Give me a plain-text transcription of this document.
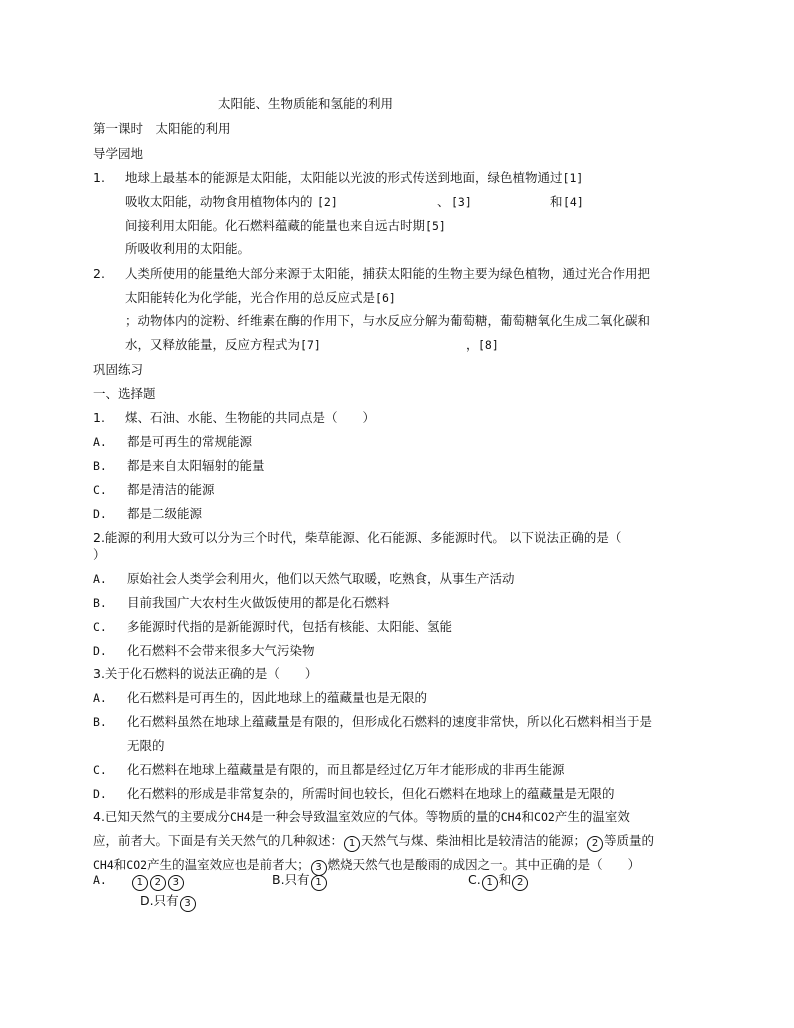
太阳能、生物质能和氢能的利用
第一课时　太阳能的利用
导学园地
1. 地球上最基本的能源是太阳能，太阳能以光波的形式传送到地面，绿色植物通过[1]
吸收太阳能，动物食用植物体内的 [2]	、 [3]	和 [4]
间接利用太阳能。化石燃料蕴藏的能量也来自远古时期[5]
所吸收利用的太阳能。
2. 人类所使用的能量绝大部分来源于太阳能，捕获太阳能的生物主要为绿色植物，通过光合作用把
太阳能转化为化学能，光合作用的总反应式是[6]
；动物体内的淀粉、纤维素在酶的作用下，与水反应分解为葡萄糖，葡萄糖氧化生成二氧化碳和
水，又释放能量，反应方程式为[7]	， [8]
巩固练习
一、选择题
1. 煤、石油、水能、生物能的共同点是（　　）
A. 都是可再生的常规能源
B. 都是来自太阳辐射的能量
C. 都是清洁的能源
D. 都是二级能源
2.能源的利用大致可以分为三个时代，柴草能源、化石能源、多能源时代。 以下说法正确的是（
）
A. 原始社会人类学会利用火，他们以天然气取暖，吃熟食，从事生产活动
B. 目前我国广大农村生火做饭使用的都是化石燃料
C. 多能源时代指的是新能源时代，包括有核能、太阳能、氢能
D. 化石燃料不会带来很多大气污染物
3.关于化石燃料的说法正确的是（　　）
A. 化石燃料是可再生的，因此地球上的蕴藏量也是无限的
B. 化石燃料虽然在地球上蕴藏量是有限的，但形成化石燃料的速度非常快，所以化石燃料相当于是
无限的
C. 化石燃料在地球上蕴藏量是有限的，而且都是经过亿万年才能形成的非再生能源
D. 化石燃料的形成是非常复杂的，所需时间也较长，但化石燃料在地球上的蕴藏量是无限的
4.已知天然气的主要成分CH4是一种会导致温室效应的气体。等物质的量的CH4和CO2产生的温室效
应，前者大。下面是有关天然气的几种叙述： 1 天然气与煤、柴油相比是较清洁的能源； 2 等质量的
CH4和CO2产生的温室效应也是前者大； 3 燃烧天然气也是酸雨的成因之一。其中正确的是（　　）
A.	1 2 3	B.只有 1	C. 1 和 2
D.只有 3
